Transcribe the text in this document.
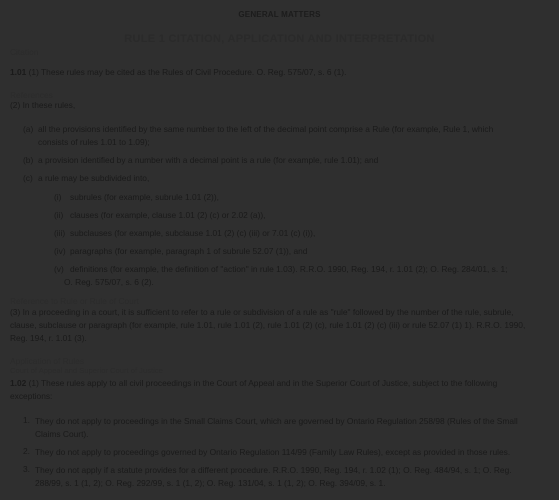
GENERAL MATTERS
RULE 1 CITATION, APPLICATION AND INTERPRETATION
Citation
1.01 (1) These rules may be cited as the Rules of Civil Procedure. O. Reg. 575/07, s. 6 (1).
References
(2) In these rules,
(a) all the provisions identified by the same number to the left of the decimal point comprise a Rule (for example, Rule 1, which
consists of rules 1.01 to 1.09);
(b) a provision identified by a number with a decimal point is a rule (for example, rule 1.01); and
(c) a rule may be subdivided into,
(i) subrules (for example, subrule 1.01 (2)),
(ii) clauses (for example, clause 1.01 (2) (c) or 2.02 (a)),
(iii) subclauses (for example, subclause 1.01 (2) (c) (iii) or 7.01 (c) (i)),
(iv) paragraphs (for example, paragraph 1 of subrule 52.07 (1)), and
(v) definitions (for example, the definition of "action" in rule 1.03). R.R.O. 1990, Reg. 194, r. 1.01 (2); O. Reg. 284/01, s. 1;
O. Reg. 575/07, s. 6 (2).
Reference to Rule or Rule of Court
(3) In a proceeding in a court, it is sufficient to refer to a rule or subdivision of a rule as "rule" followed by the number of the rule, subrule, clause, subclause or paragraph (for example, rule 1.01, rule 1.01 (2), rule 1.01 (2) (c), rule 1.01 (2) (c) (iii) or rule 52.07 (1) 1). R.R.O. 1990, Reg. 194, r. 1.01 (3).
Application of Rules
Court of Appeal and Superior Court of Justice
1.02 (1) These rules apply to all civil proceedings in the Court of Appeal and in the Superior Court of Justice, subject to the following exceptions:
1. They do not apply to proceedings in the Small Claims Court, which are governed by Ontario Regulation 258/98 (Rules of the Small Claims Court).
2. They do not apply to proceedings governed by Ontario Regulation 114/99 (Family Law Rules), except as provided in those rules.
3. They do not apply if a statute provides for a different procedure. R.R.O. 1990, Reg. 194, r. 1.02 (1); O. Reg. 484/94, s. 1; O. Reg. 288/99, s. 1 (1, 2); O. Reg. 292/99, s. 1 (1, 2); O. Reg. 131/04, s. 1 (1, 2); O. Reg. 394/09, s. 1.
